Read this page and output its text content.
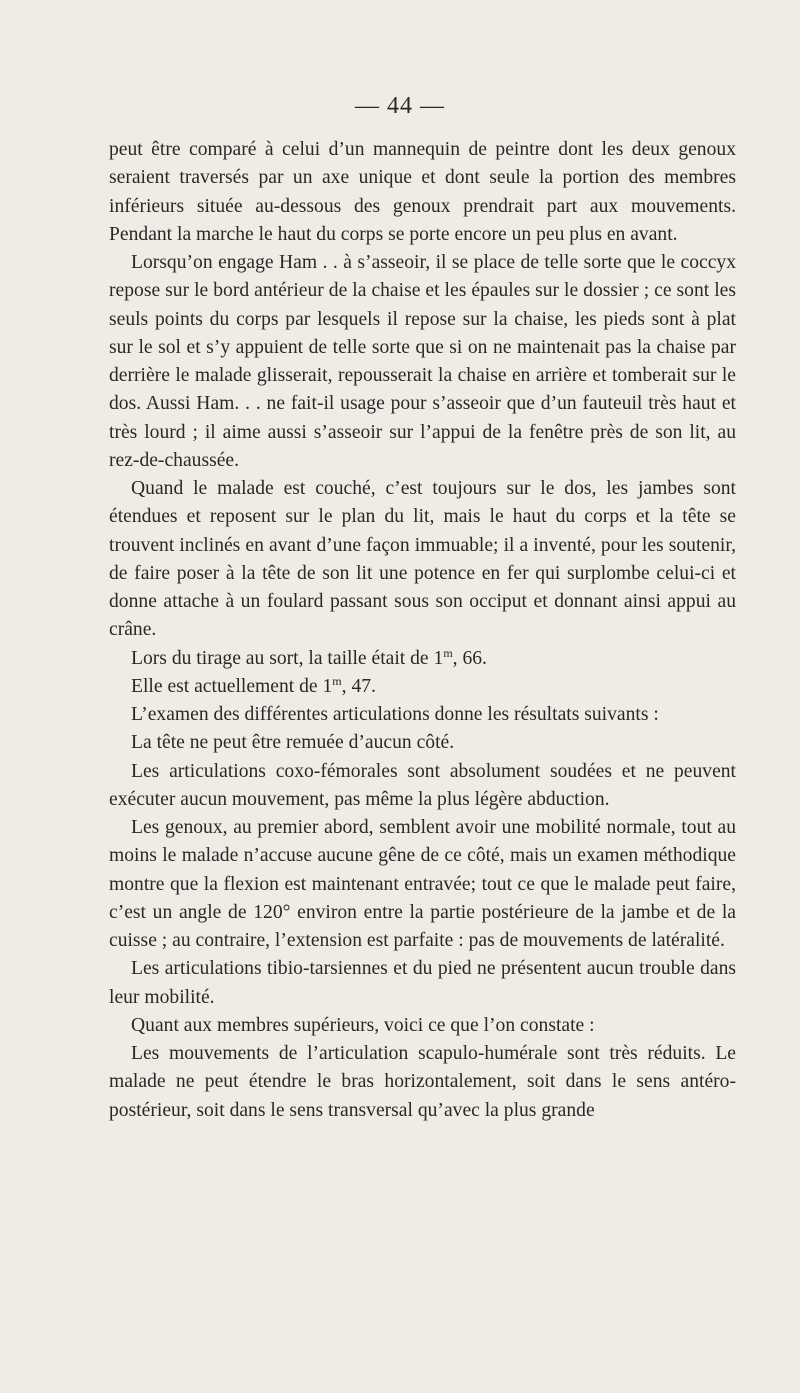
— 44 —

peut être comparé à celui d’un mannequin de peintre dont les deux genoux seraient traversés par un axe unique et dont seule la portion des membres inférieurs située au-dessous des genoux prendrait part aux mouvements. Pendant la marche le haut du corps se porte encore un peu plus en avant.

Lorsqu’on engage Ham . . à s’asseoir, il se place de telle sorte que le coccyx repose sur le bord antérieur de la chaise et les épaules sur le dossier ; ce sont les seuls points du corps par lesquels il repose sur la chaise, les pieds sont à plat sur le sol et s’y appuient de telle sorte que si on ne maintenait pas la chaise par derrière le malade glisserait, repousserait la chaise en arrière et tomberait sur le dos. Aussi Ham. . . ne fait-il usage pour s’asseoir que d’un fauteuil très haut et très lourd ; il aime aussi s’asseoir sur l’appui de la fenêtre près de son lit, au rez-de-chaussée.

Quand le malade est couché, c’est toujours sur le dos, les jambes sont étendues et reposent sur le plan du lit, mais le haut du corps et la tête se trouvent inclinés en avant d’une façon immuable; il a inventé, pour les soutenir, de faire poser à la tête de son lit une potence en fer qui surplombe celui-ci et donne attache à un foulard passant sous son occiput et donnant ainsi appui au crâne.

Lors du tirage au sort, la taille était de 1$^m$, 66.

Elle est actuellement de 1$^m$, 47.

L’examen des différentes articulations donne les résultats suivants :

La tête ne peut être remuée d’aucun côté.

Les articulations coxo-fémorales sont absolument soudées et ne peuvent exécuter aucun mouvement, pas même la plus légère abduction.

Les genoux, au premier abord, semblent avoir une mobilité normale, tout au moins le malade n’accuse aucune gêne de ce côté, mais un examen méthodique montre que la flexion est maintenant entravée; tout ce que le malade peut faire, c’est un angle de 120° environ entre la partie postérieure de la jambe et de la cuisse ; au contraire, l’extension est parfaite : pas de mouvements de latéralité.

Les articulations tibio-tarsiennes et du pied ne présentent aucun trouble dans leur mobilité.

Quant aux membres supérieurs, voici ce que l’on constate :

Les mouvements de l’articulation scapulo-humérale sont très réduits. Le malade ne peut étendre le bras horizontalement, soit dans le sens antéro-postérieur, soit dans le sens transversal qu’avec la plus grande
